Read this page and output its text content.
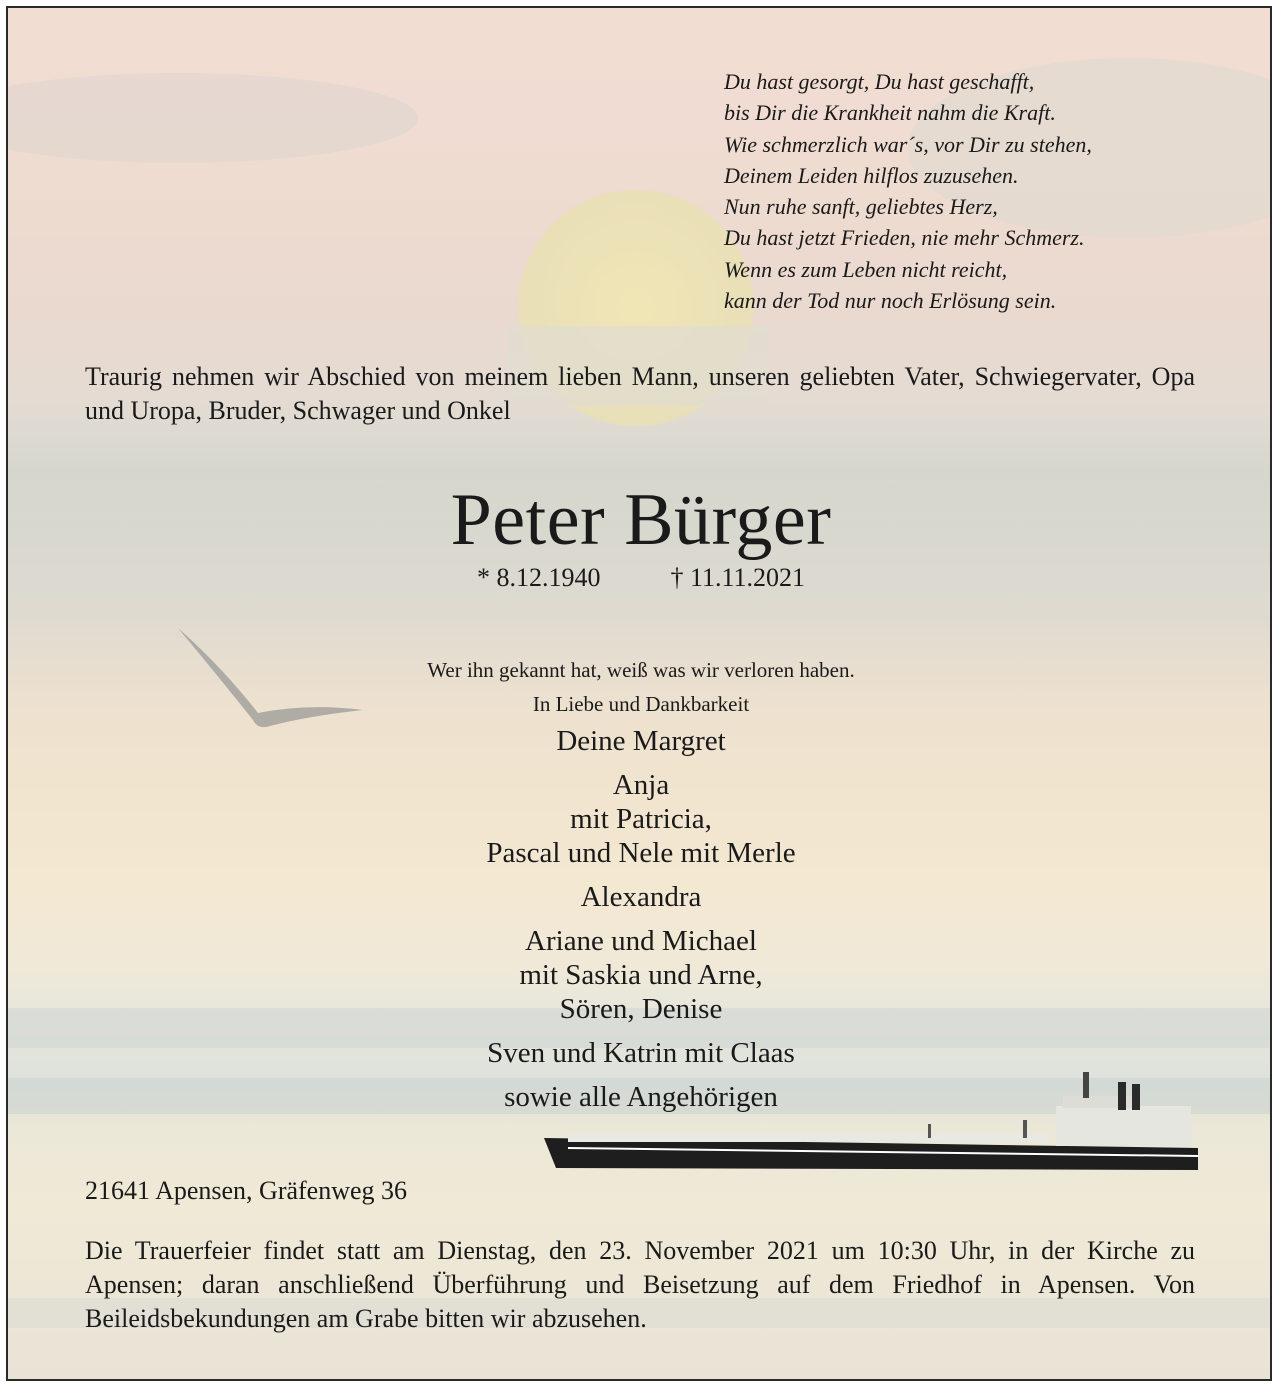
Du hast gesorgt, Du hast geschafft,
bis Dir die Krankheit nahm die Kraft.
Wie schmerzlich war´s, vor Dir zu stehen,
Deinem Leiden hilflos zuzusehen.
Nun ruhe sanft, geliebtes Herz,
Du hast jetzt Frieden, nie mehr Schmerz.
Wenn es zum Leben nicht reicht,
kann der Tod nur noch Erlösung sein.

Traurig nehmen wir Abschied von meinem lieben Mann, unseren geliebten Vater, Schwiegervater, Opa und Uropa, Bruder, Schwager und Onkel

Peter Bürger
* 8.12.1940	† 11.11.2021
Wer ihn gekannt hat, weiß was wir verloren haben.
In Liebe und Dankbarkeit
Deine Margret
Anja
mit Patricia,
Pascal und Nele mit Merle
Alexandra
Ariane und Michael
mit Saskia und Arne,
Sören, Denise
Sven und Katrin mit Claas
sowie alle Angehörigen
21641 Apensen, Gräfenweg 36

Die Trauerfeier findet statt am Dienstag, den 23. November 2021 um 10:30 Uhr, in der Kirche zu Apensen; daran anschließend Überführung und Beisetzung auf dem Friedhof in Apensen. Von Beileidsbekundungen am Grabe bitten wir abzusehen.
